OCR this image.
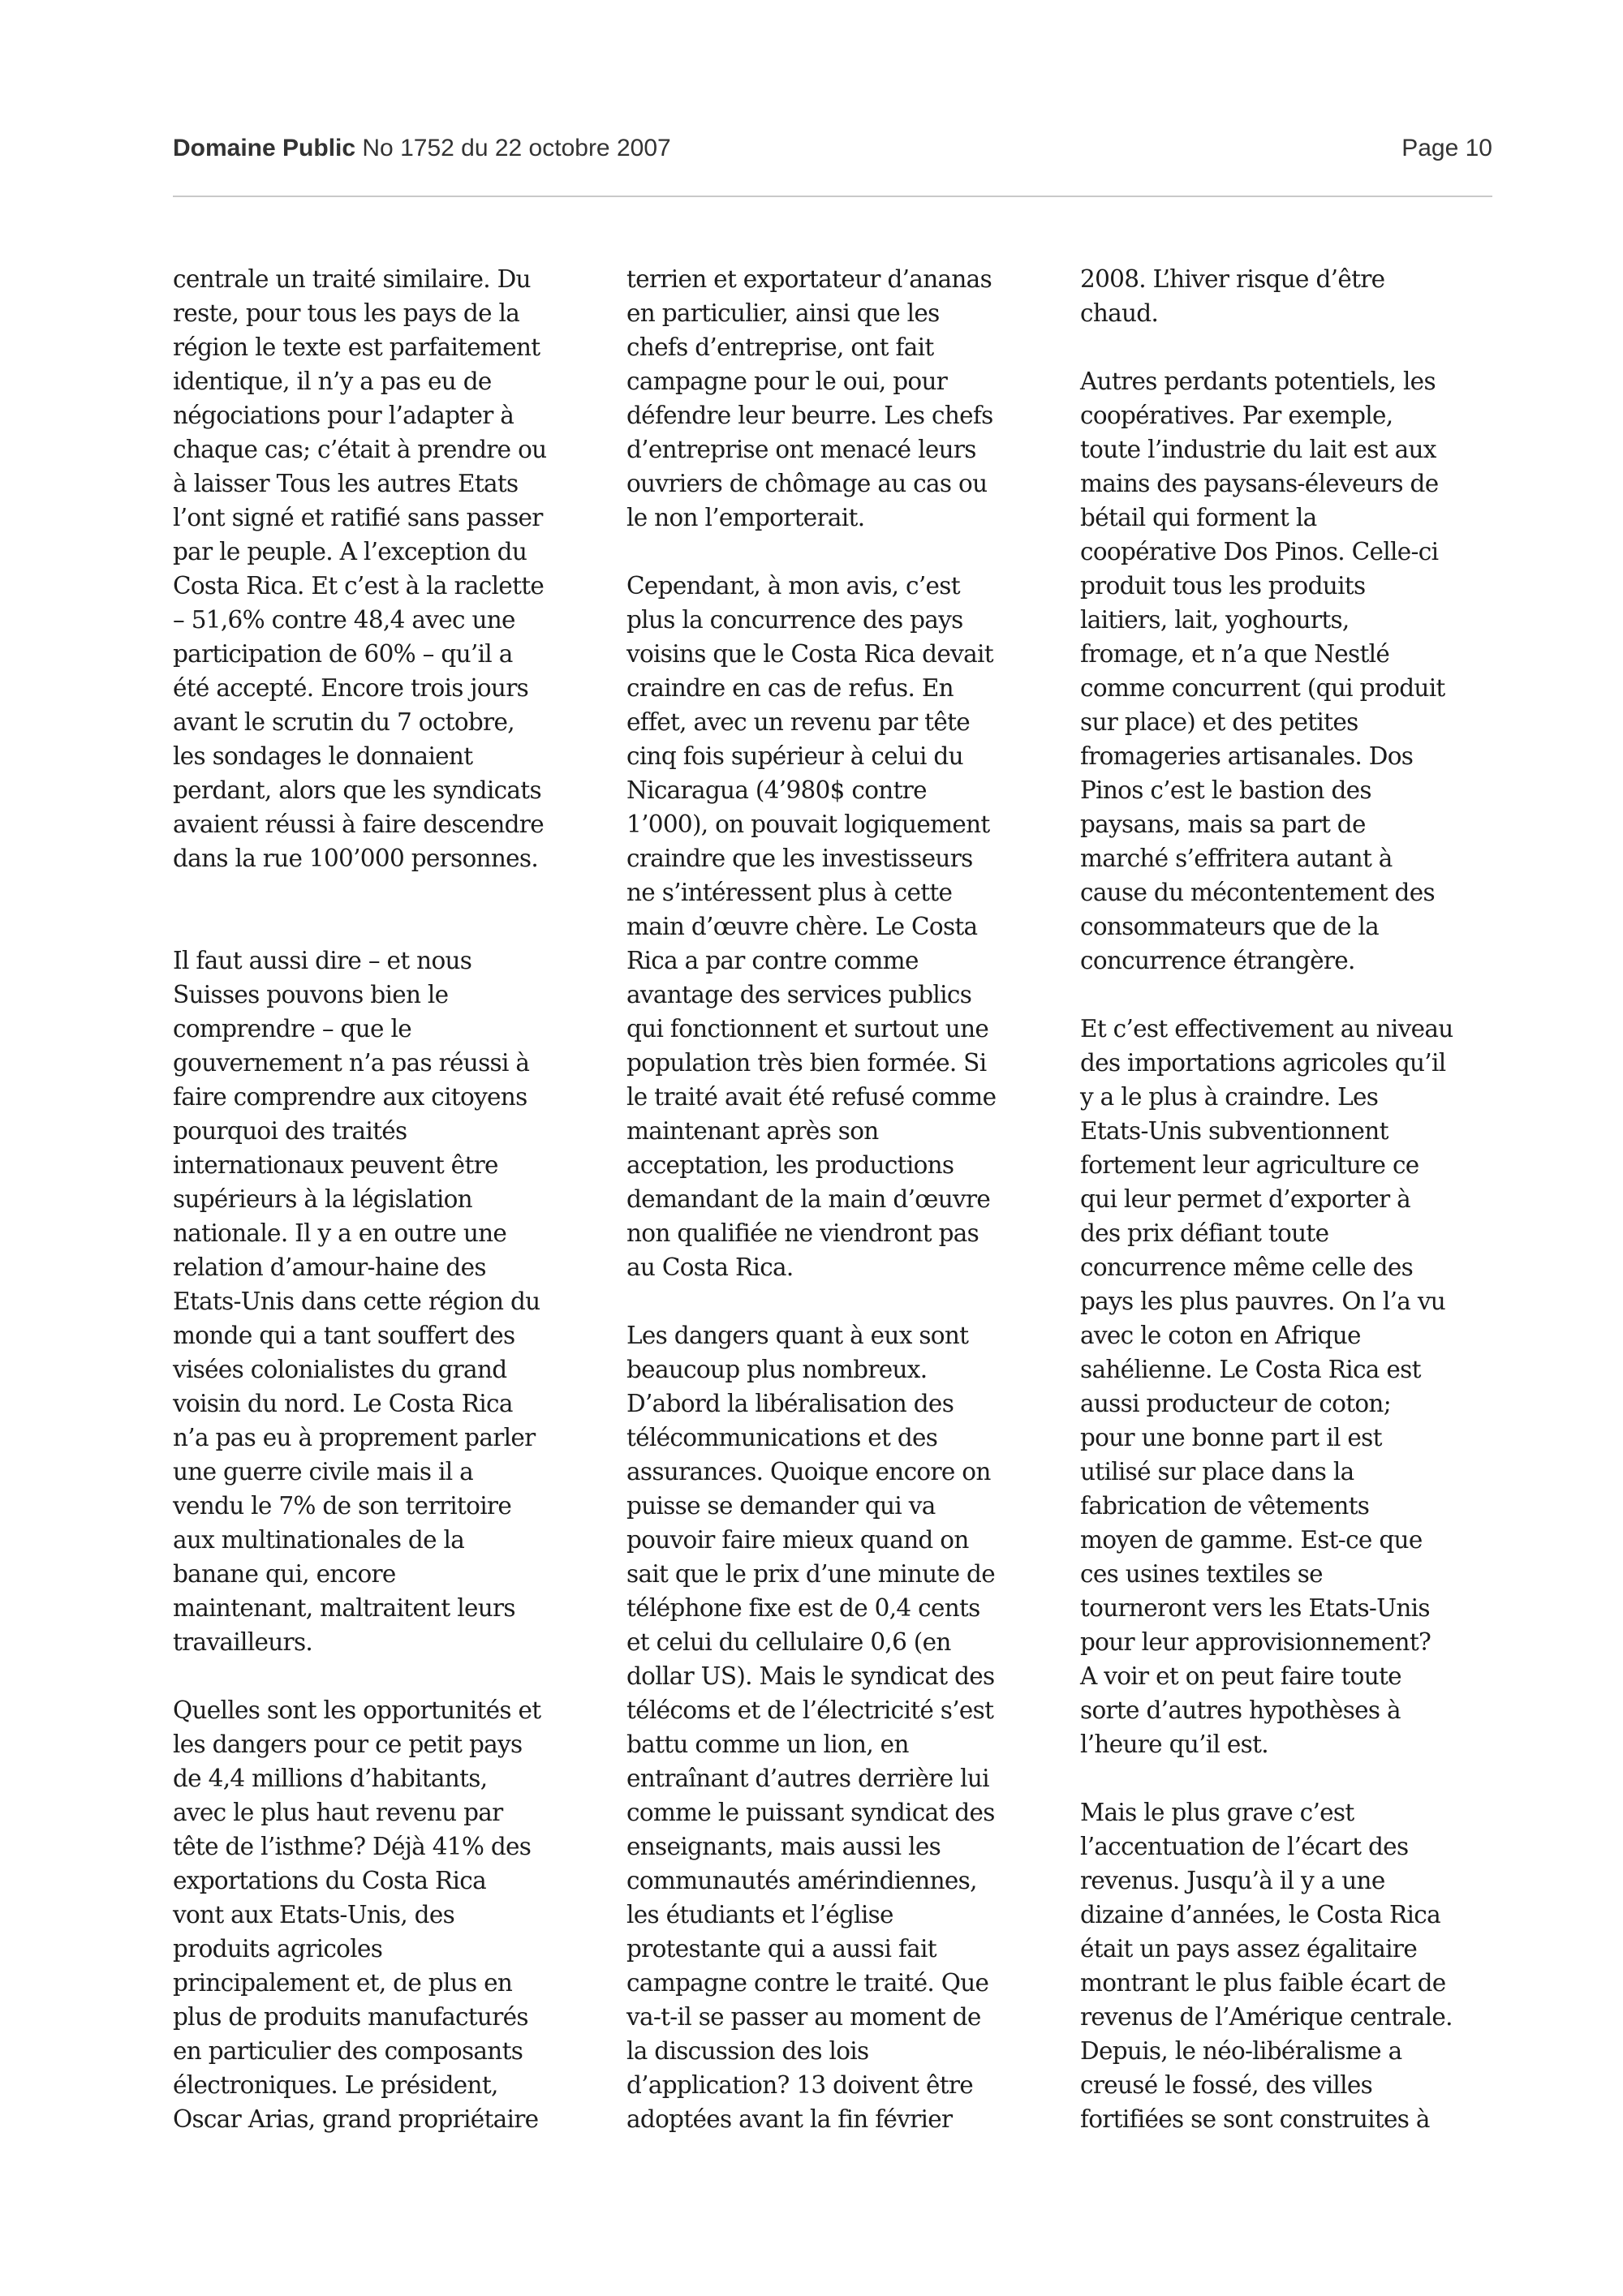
Domaine Public No 1752 du 22 octobre 2007	Page 10

centrale un traité similaire. Du
reste, pour tous les pays de la
région le texte est parfaitement
identique, il n’y a pas eu de
négociations pour l’adapter à
chaque cas; c’était à prendre ou
à laisser Tous les autres Etats
l’ont signé et ratifié sans passer
par le peuple. A l’exception du
Costa Rica. Et c’est à la raclette
– 51,6% contre 48,4 avec une
participation de 60% – qu’il a
été accepté. Encore trois jours
avant le scrutin du 7 octobre,
les sondages le donnaient
perdant, alors que les syndicats
avaient réussi à faire descendre
dans la rue 100’000 personnes.

Il faut aussi dire – et nous
Suisses pouvons bien le
comprendre – que le
gouvernement n’a pas réussi à
faire comprendre aux citoyens
pourquoi des traités
internationaux peuvent être
supérieurs à la législation
nationale. Il y a en outre une
relation d’amour-haine des
Etats-Unis dans cette région du
monde qui a tant souffert des
visées colonialistes du grand
voisin du nord. Le Costa Rica
n’a pas eu à proprement parler
une guerre civile mais il a
vendu le 7% de son territoire
aux multinationales de la
banane qui, encore
maintenant, maltraitent leurs
travailleurs.

Quelles sont les opportunités et
les dangers pour ce petit pays
de 4,4 millions d’habitants,
avec le plus haut revenu par
tête de l’isthme? Déjà 41% des
exportations du Costa Rica
vont aux Etats-Unis, des
produits agricoles
principalement et, de plus en
plus de produits manufacturés
en particulier des composants
électroniques. Le président,
Oscar Arias, grand propriétaire

terrien et exportateur d’ananas
en particulier, ainsi que les
chefs d’entreprise, ont fait
campagne pour le oui, pour
défendre leur beurre. Les chefs
d’entreprise ont menacé leurs
ouvriers de chômage au cas ou
le non l’emporterait.

Cependant, à mon avis, c’est
plus la concurrence des pays
voisins que le Costa Rica devait
craindre en cas de refus. En
effet, avec un revenu par tête
cinq fois supérieur à celui du
Nicaragua (4’980$ contre
1’000), on pouvait logiquement
craindre que les investisseurs
ne s’intéressent plus à cette
main d’œuvre chère. Le Costa
Rica a par contre comme
avantage des services publics
qui fonctionnent et surtout une
population très bien formée. Si
le traité avait été refusé comme
maintenant après son
acceptation, les productions
demandant de la main d’œuvre
non qualifiée ne viendront pas
au Costa Rica.

Les dangers quant à eux sont
beaucoup plus nombreux.
D’abord la libéralisation des
télécommunications et des
assurances. Quoique encore on
puisse se demander qui va
pouvoir faire mieux quand on
sait que le prix d’une minute de
téléphone fixe est de 0,4 cents
et celui du cellulaire 0,6 (en
dollar US). Mais le syndicat des
télécoms et de l’électricité s’est
battu comme un lion, en
entraînant d’autres derrière lui
comme le puissant syndicat des
enseignants, mais aussi les
communautés amérindiennes,
les étudiants et l’église
protestante qui a aussi fait
campagne contre le traité. Que
va-t-il se passer au moment de
la discussion des lois
d’application? 13 doivent être
adoptées avant la fin février

2008. L’hiver risque d’être
chaud.

Autres perdants potentiels, les
coopératives. Par exemple,
toute l’industrie du lait est aux
mains des paysans-éleveurs de
bétail qui forment la
coopérative Dos Pinos. Celle-ci
produit tous les produits
laitiers, lait, yoghourts,
fromage, et n’a que Nestlé
comme concurrent (qui produit
sur place) et des petites
fromageries artisanales. Dos
Pinos c’est le bastion des
paysans, mais sa part de
marché s’effritera autant à
cause du mécontentement des
consommateurs que de la
concurrence étrangère.

Et c’est effectivement au niveau
des importations agricoles qu’il
y a le plus à craindre. Les
Etats-Unis subventionnent
fortement leur agriculture ce
qui leur permet d’exporter à
des prix défiant toute
concurrence même celle des
pays les plus pauvres. On l’a vu
avec le coton en Afrique
sahélienne. Le Costa Rica est
aussi producteur de coton;
pour une bonne part il est
utilisé sur place dans la
fabrication de vêtements
moyen de gamme. Est-ce que
ces usines textiles se
tourneront vers les Etats-Unis
pour leur approvisionnement?
A voir et on peut faire toute
sorte d’autres hypothèses à
l’heure qu’il est.

Mais le plus grave c’est
l’accentuation de l’écart des
revenus. Jusqu’à il y a une
dizaine d’années, le Costa Rica
était un pays assez égalitaire
montrant le plus faible écart de
revenus de l’Amérique centrale.
Depuis, le néo-libéralisme a
creusé le fossé, des villes
fortifiées se sont construites à
